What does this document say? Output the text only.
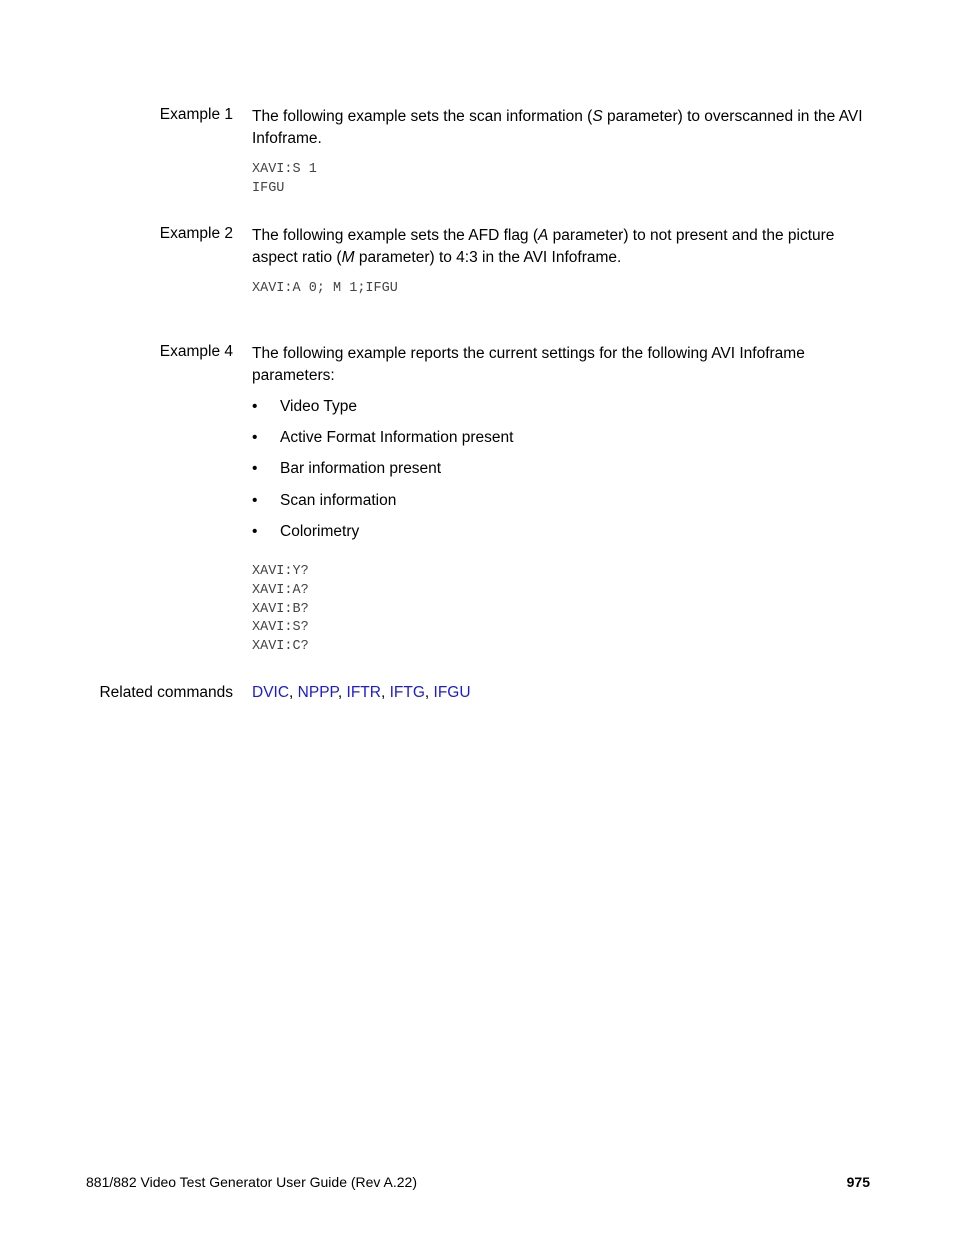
Example 1 The following example sets the scan information (S parameter) to overscanned in the AVI Infoframe.
XAVI:S 1
IFGU
Example 2 The following example sets the AFD flag (A parameter) to not present and the picture aspect ratio (M parameter) to 4:3 in the AVI Infoframe.
XAVI:A 0; M 1;IFGU
Example 4 The following example reports the current settings for the following AVI Infoframe parameters:
• Video Type
• Active Format Information present
• Bar information present
• Scan information
• Colorimetry
XAVI:Y?
XAVI:A?
XAVI:B?
XAVI:S?
XAVI:C?
Related commands DVIC, NPPP, IFTR, IFTG, IFGU
881/882 Video Test Generator User Guide (Rev A.22)	975
